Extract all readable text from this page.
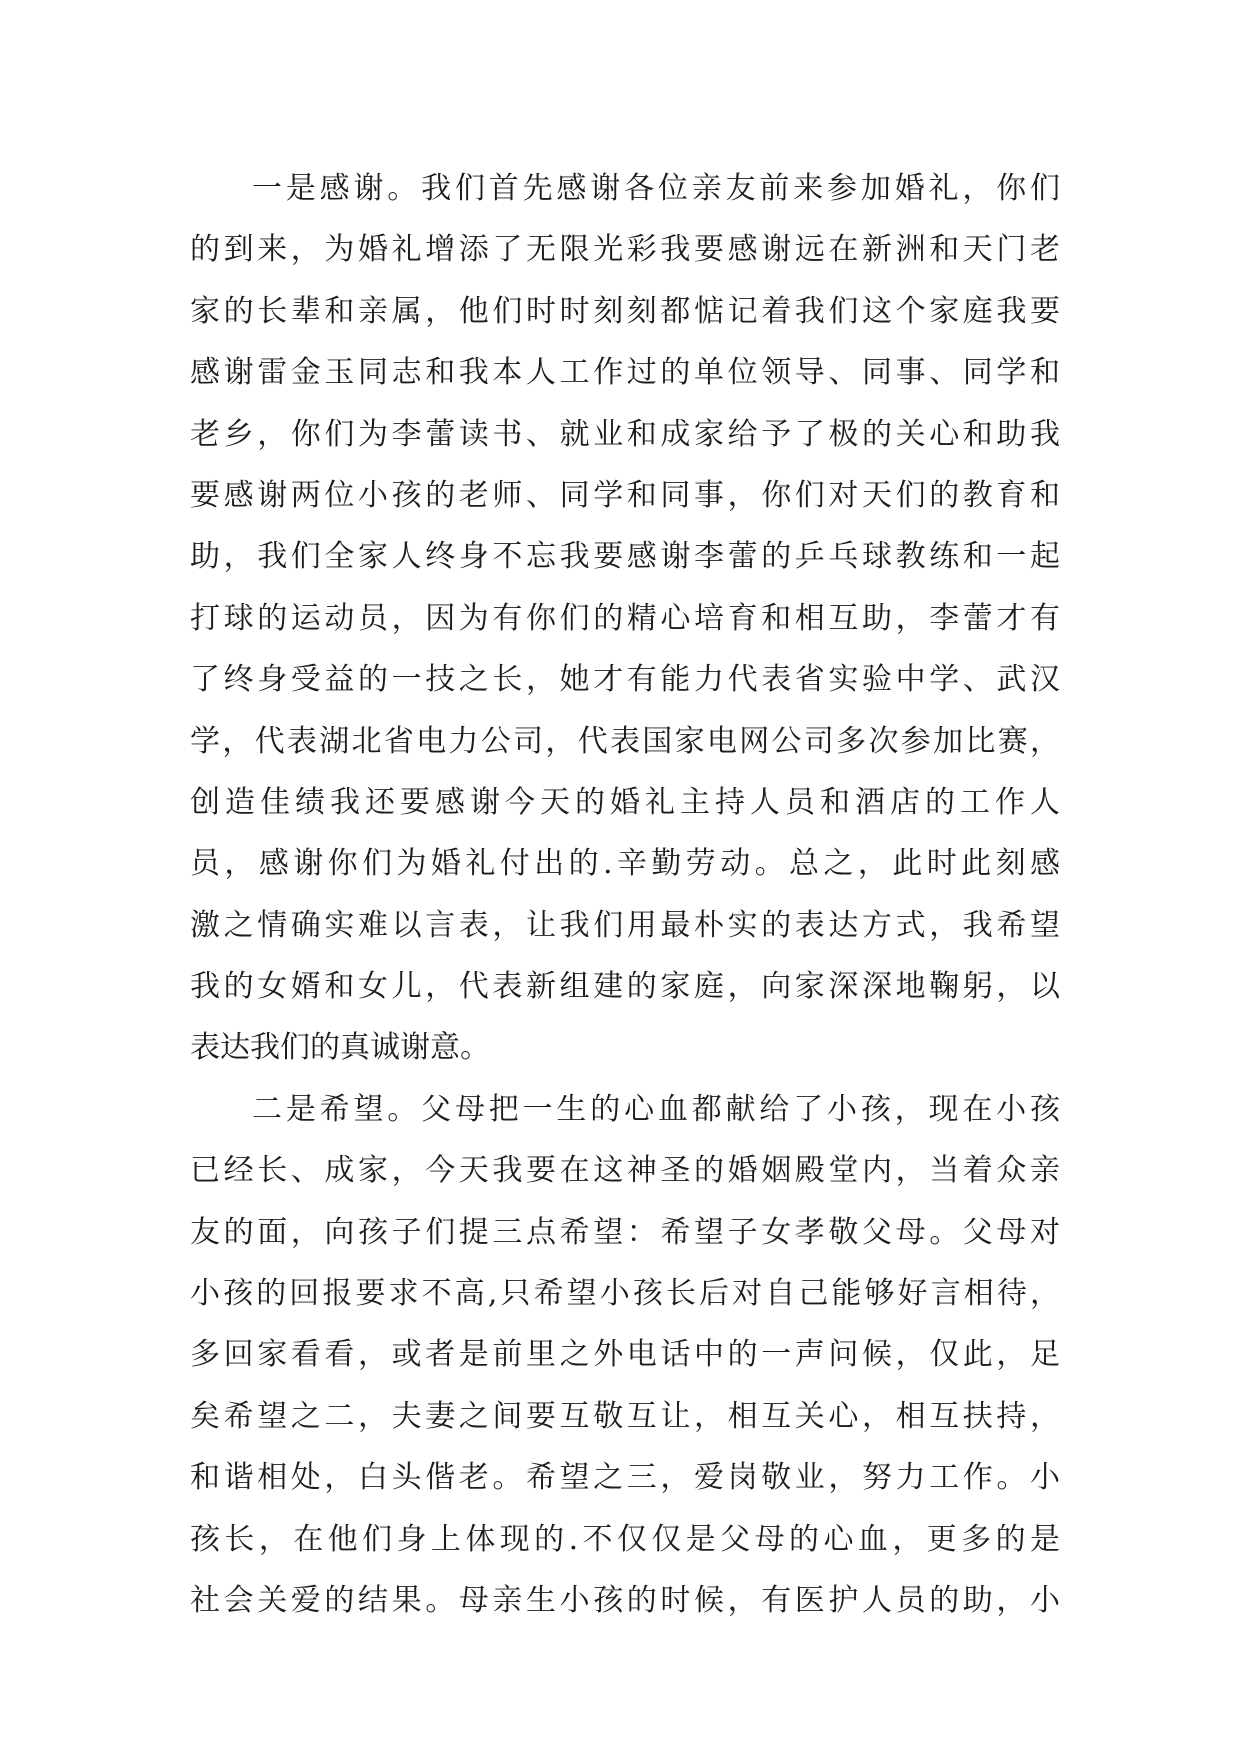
一是感谢。我们首先感谢各位亲友前来参加婚礼，你们
的到来，为婚礼增添了无限光彩我要感谢远在新洲和天门老
家的长辈和亲属，他们时时刻刻都惦记着我们这个家庭我要
感谢雷金玉同志和我本人工作过的单位领导、同事、同学和
老乡，你们为李蕾读书、就业和成家给予了极的关心和助我
要感谢两位小孩的老师、同学和同事，你们对天们的教育和
助，我们全家人终身不忘我要感谢李蕾的乒乓球教练和一起
打球的运动员，因为有你们的精心培育和相互助，李蕾才有
了终身受益的一技之长，她才有能力代表省实验中学、武汉
学，代表湖北省电力公司，代表国家电网公司多次参加比赛，
创造佳绩我还要感谢今天的婚礼主持人员和酒店的工作人
员，感谢你们为婚礼付出的.辛勤劳动。总之，此时此刻感
激之情确实难以言表，让我们用最朴实的表达方式，我希望
我的女婿和女儿，代表新组建的家庭，向家深深地鞠躬，以
表达我们的真诚谢意。
二是希望。父母把一生的心血都献给了小孩，现在小孩
已经长、成家，今天我要在这神圣的婚姻殿堂内，当着众亲
友的面，向孩子们提三点希望：希望子女孝敬父母。父母对
小孩的回报要求不高,只希望小孩长后对自己能够好言相待，
多回家看看，或者是前里之外电话中的一声问候，仅此，足
矣希望之二，夫妻之间要互敬互让，相互关心，相互扶持，
和谐相处，白头偕老。希望之三，爱岗敬业，努力工作。小
孩长，在他们身上体现的.不仅仅是父母的心血，更多的是
社会关爱的结果。母亲生小孩的时候，有医护人员的助，小
